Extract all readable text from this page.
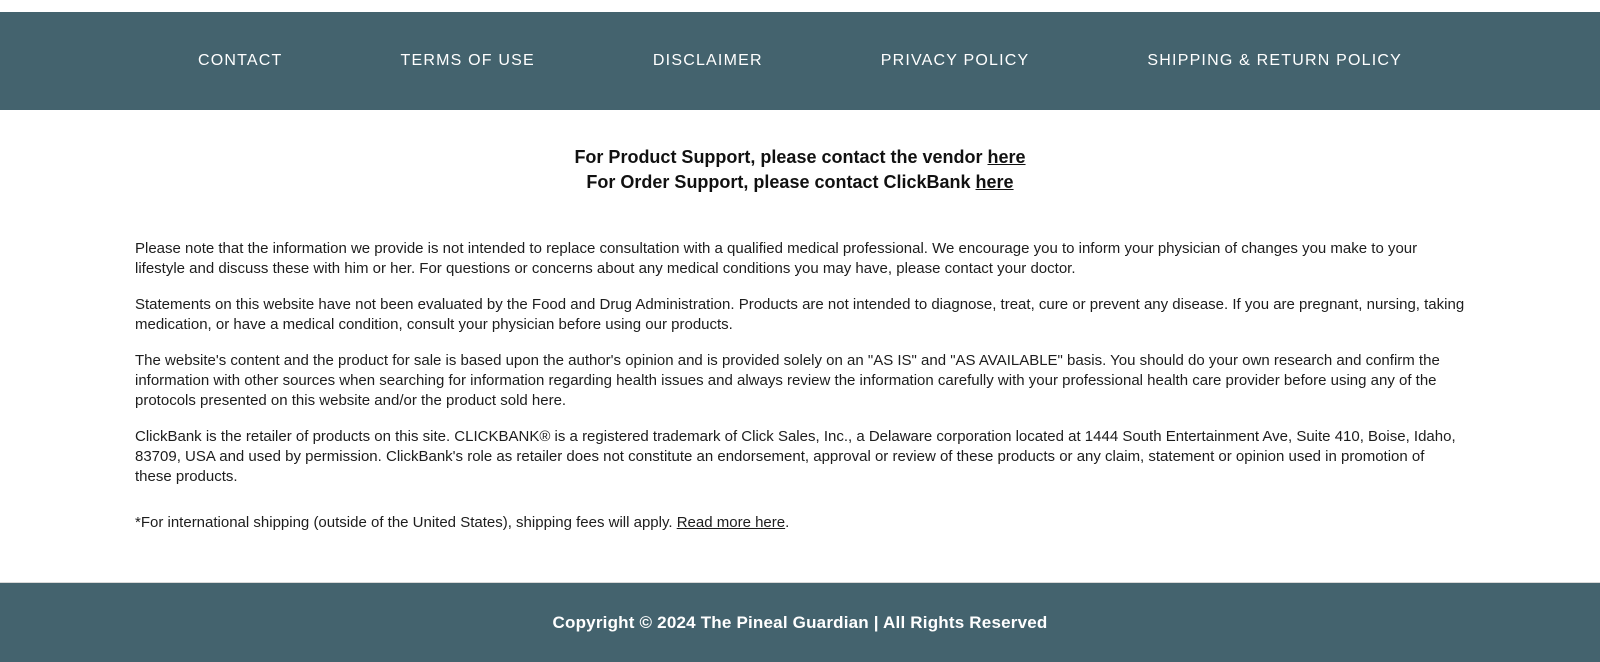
CONTACT	TERMS OF USE	DISCLAIMER	PRIVACY POLICY	SHIPPING & RETURN POLICY

For Product Support, please contact the vendor here

For Order Support, please contact ClickBank here

Please note that the information we provide is not intended to replace consultation with a qualified medical professional. We encourage you to inform your physician of changes you make to your lifestyle and discuss these with him or her. For questions or concerns about any medical conditions you may have, please contact your doctor.

Statements on this website have not been evaluated by the Food and Drug Administration. Products are not intended to diagnose, treat, cure or prevent any disease. If you are pregnant, nursing, taking medication, or have a medical condition, consult your physician before using our products.

The website's content and the product for sale is based upon the author's opinion and is provided solely on an "AS IS" and "AS AVAILABLE" basis. You should do your own research and confirm the information with other sources when searching for information regarding health issues and always review the information carefully with your professional health care provider before using any of the protocols presented on this website and/or the product sold here.

ClickBank is the retailer of products on this site. CLICKBANK® is a registered trademark of Click Sales, Inc., a Delaware corporation located at 1444 South Entertainment Ave, Suite 410, Boise, Idaho, 83709, USA and used by permission. ClickBank's role as retailer does not constitute an endorsement, approval or review of these products or any claim, statement or opinion used in promotion of these products.

*For international shipping (outside of the United States), shipping fees will apply. Read more here.

Copyright © 2024 The Pineal Guardian | All Rights Reserved
